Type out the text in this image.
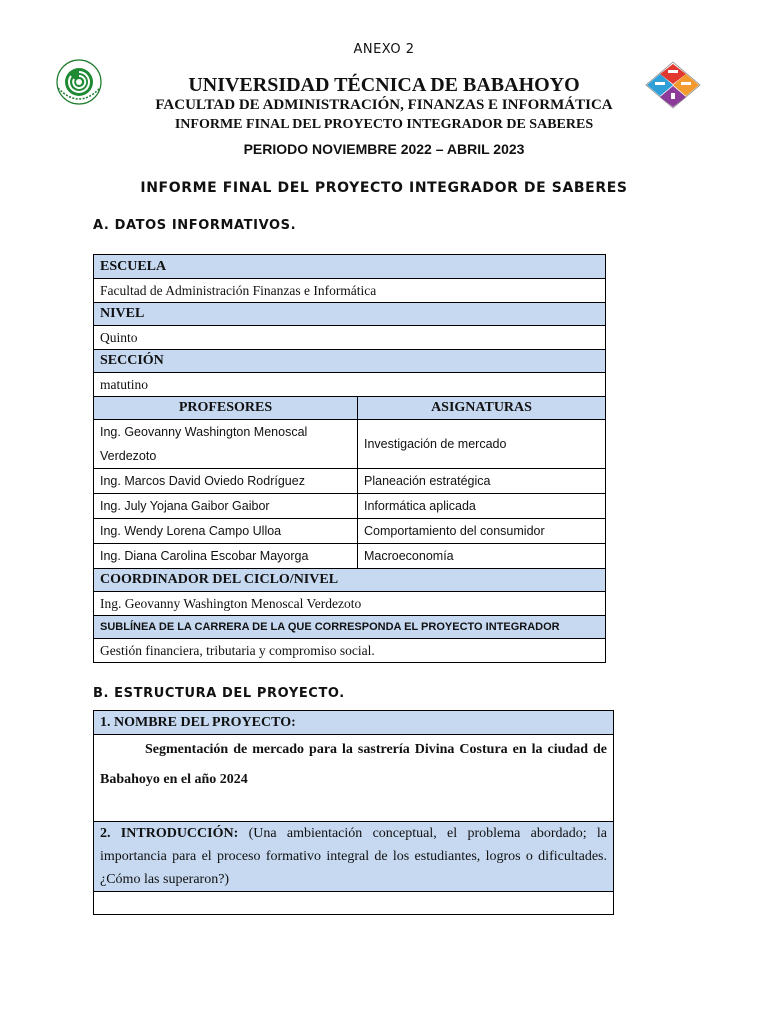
ANEXO 2
UNIVERSIDAD TÉCNICA DE BABAHOYO
FACULTAD DE ADMINISTRACIÓN, FINANZAS E INFORMÁTICA
INFORME FINAL DEL PROYECTO INTEGRADOR DE SABERES
PERIODO NOVIEMBRE 2022 – ABRIL 2023
INFORME FINAL DEL PROYECTO INTEGRADOR DE SABERES
A. DATOS INFORMATIVOS.
ESCUELA	
Facultad de Administración Finanzas e Informática	
NIVEL	
Quinto	
SECCIÓN	
matutino	
PROFESORES	ASIGNATURAS
Ing. Geovanny Washington Menoscal Verdezoto	Investigación de mercado
Ing. Marcos David Oviedo Rodríguez	Planeación estratégica
Ing. July Yojana Gaibor Gaibor	Informática aplicada
Ing. Wendy Lorena Campo Ulloa	Comportamiento del consumidor
Ing. Diana Carolina Escobar Mayorga	Macroeconomía
COORDINADOR DEL CICLO/NIVEL	
Ing. Geovanny Washington Menoscal Verdezoto	
SUBLÍNEA DE LA CARRERA DE LA QUE CORRESPONDA EL PROYECTO INTEGRADOR	
Gestión financiera, tributaria y compromiso social.	
B. ESTRUCTURA DEL PROYECTO.
1. NOMBRE DEL PROYECTO:
Segmentación de mercado para la sastrería Divina Costura en la ciudad de Babahoyo en el año 2024
2. INTRODUCCIÓN: (Una ambientación conceptual, el problema abordado; la importancia para el proceso formativo integral de los estudiantes, logros o dificultades. ¿Cómo las superaron?)
